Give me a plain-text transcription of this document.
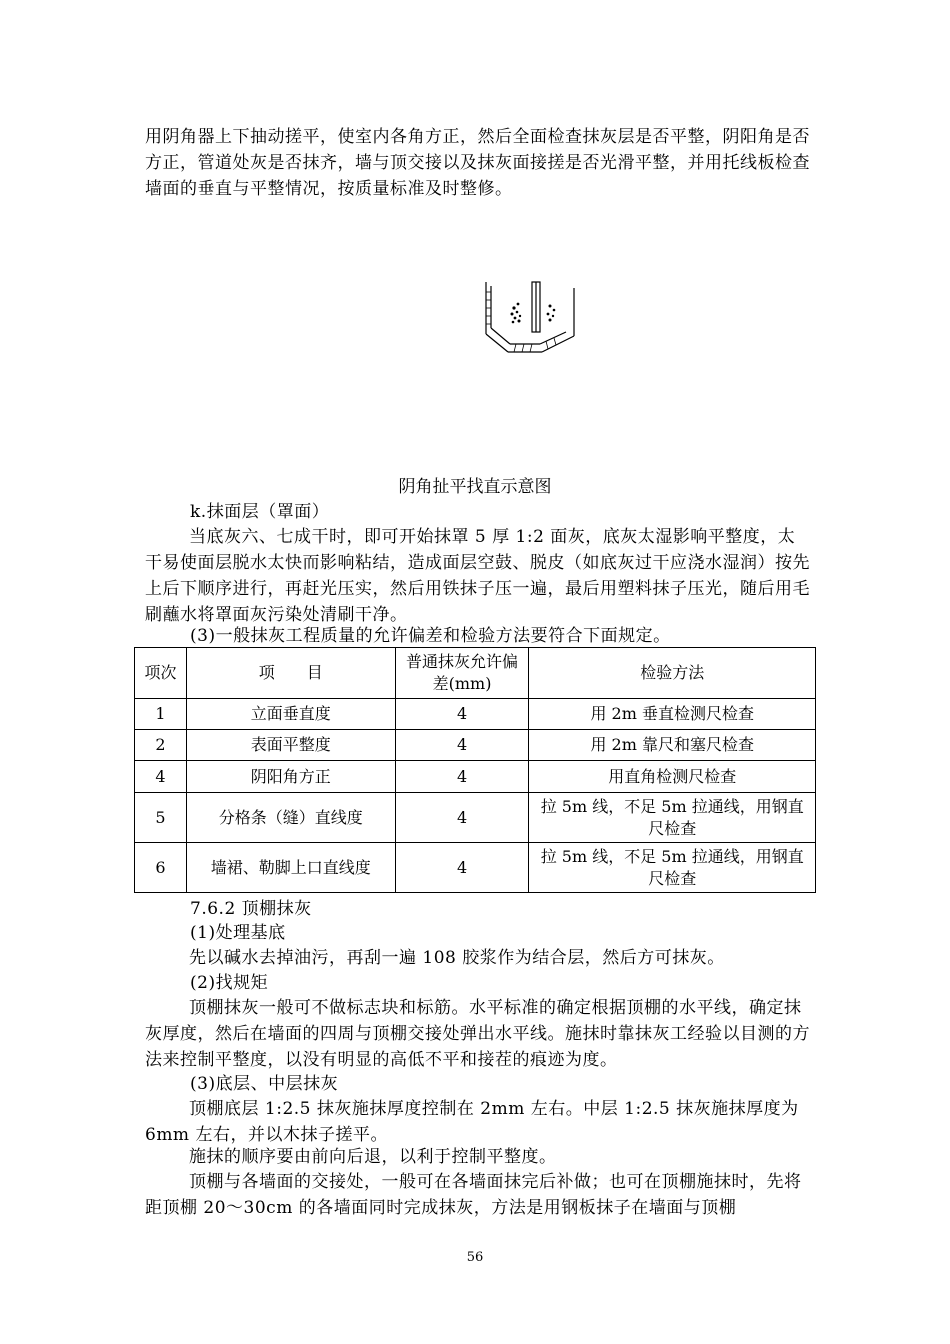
用阴角器上下抽动搓平，使室内各角方正，然后全面检查抹灰层是否平整，阴阳角是否方正，管道处灰是否抹齐，墙与顶交接以及抹灰面接搓是否光滑平整，并用托线板检查墙面的垂直与平整情况，按质量标准及时整修。

阴角扯平找直示意图

k.抹面层（罩面）

当底灰六、七成干时，即可开始抹罩 5 厚 1:2 面灰，底灰太湿影响平整度，太干易使面层脱水太快而影响粘结，造成面层空鼓、脱皮（如底灰过干应浇水湿润）按先上后下顺序进行，再赶光压实，然后用铁抹子压一遍，最后用塑料抹子压光，随后用毛刷蘸水将罩面灰污染处清刷干净。

(3)一般抹灰工程质量的允许偏差和检验方法要符合下面规定。

项次	项　　目	普通抹灰允许偏差(mm)	检验方法
1	立面垂直度	4	用 2m 垂直检测尺检查
2	表面平整度	4	用 2m 靠尺和塞尺检查
4	阴阳角方正	4	用直角检测尺检查
5	分格条（缝）直线度	4	拉 5m 线，不足 5m 拉通线，用钢直尺检查
6	墙裙、勒脚上口直线度	4	拉 5m 线，不足 5m 拉通线，用钢直尺检查

7.6.2 顶棚抹灰

(1)处理基底

先以碱水去掉油污，再刮一遍 108 胶浆作为结合层，然后方可抹灰。

(2)找规矩

顶棚抹灰一般可不做标志块和标筋。水平标准的确定根据顶棚的水平线，确定抹灰厚度，然后在墙面的四周与顶棚交接处弹出水平线。施抹时靠抹灰工经验以目测的方法来控制平整度，以没有明显的高低不平和接茬的痕迹为度。

(3)底层、中层抹灰

顶棚底层 1:2.5 抹灰施抹厚度控制在 2mm 左右。中层 1:2.5 抹灰施抹厚度为 6mm 左右，并以木抹子搓平。

施抹的顺序要由前向后退，以利于控制平整度。

顶棚与各墙面的交接处，一般可在各墙面抹完后补做；也可在顶棚施抹时，先将距顶棚 20～30cm 的各墙面同时完成抹灰，方法是用钢板抹子在墙面与顶棚

56
